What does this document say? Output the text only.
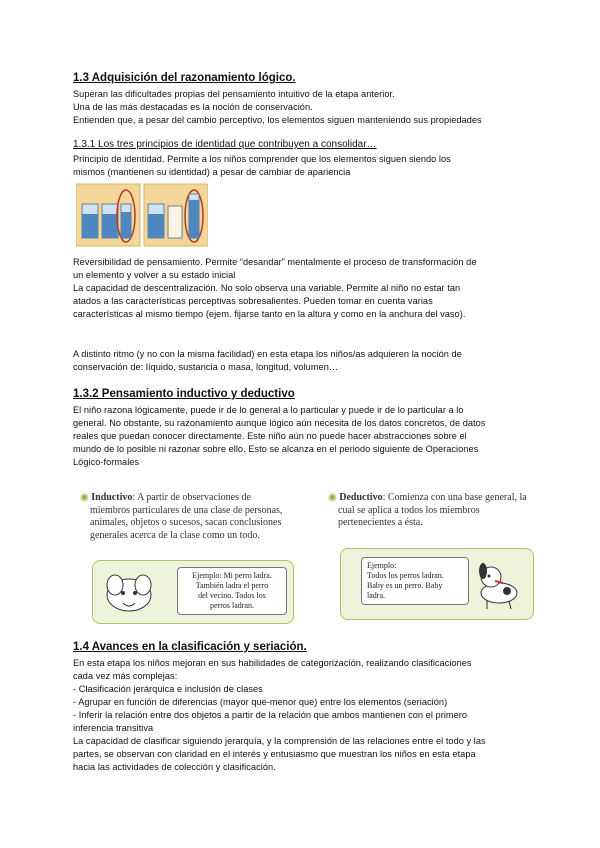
1.3 Adquisición del razonamiento lógico.
Superan las dificultades propias del pensamiento intuitivo de la etapa anterior.
Una de las más destacadas es la noción de conservación.
Entienden que, a pesar del cambio perceptivo, los elementos siguen manteniendo sus propiedades
1.3.1 Los tres principios de identidad que contribuyen a consolidar…
Principio de identidad. Permite a los niños comprender que los elementos siguen siendo los
mismos (mantienen su identidad) a pesar de cambiar de apariencia
Reversibilidad de pensamiento. Permite “desandar” mentalmente el proceso de transformación de
un elemento y volver a su estado inicial
La capacidad de descentralización. No solo observa una variable. Permite al niño no estar tan
atados a las características perceptivas sobresalientes. Pueden tomar en cuenta varias
características al mismo tiempo (ejem. fijarse tanto en la altura y como en la anchura del vaso).
A distinto ritmo (y no con la misma facilidad) en esta etapa los niños/as adquieren la noción de
conservación de: líquido, sustancia o masa, longitud, volumen…
1.3.2 Pensamiento inductivo y deductivo
El niño razona lógicamente, puede ir de lo general a lo particular y puede ir de lo particular a lo
general. No obstante, su razonamiento aunque lógico aún necesita de los datos concretos, de datos
reales que puedan conocer directamente. Este niño aún no puede hacer abstracciones sobre el
mundo de lo posible ni razonar sobre ello. Esto se alcanza en el periodo siguiente de Operaciones
Lógico-formales
◉ Inductivo: A partir de observaciones de
miembros particulares de una clase de personas,
animales, objetos o sucesos, sacan conclusiones
generales acerca de la clase como un todo.
Ejemplo: Mi perro ladra.
También ladra el perro
del vecino. Todos los
perros ladran.
◉ Deductivo: Comienza con una base general, la
cual se aplica a todos los miembros
pertenecientes a ésta.
Ejemplo:
Todos los perros ladran.
Baby es un perro. Baby
ladra.
1.4 Avances en la clasificación y seriación.
En esta etapa los niños mejoran en sus habilidades de categorización, realizando clasificaciones
cada vez más complejas:
- Clasificación jerárquica e inclusión de clases
- Agrupar en función de diferencias (mayor que-menor que) entre los elementos (seriación)
- Inferir la relación entre dos objetos a partir de la relación que ambos mantienen con el primero
inferencia transitiva
La capacidad de clasificar siguiendo jerarquía, y la comprensión de las relaciones entre el todo y las
partes, se observan con claridad en el interés y entusiasmo que muestran los niños en esta etapa
hacia las actividades de colección y clasificación.
